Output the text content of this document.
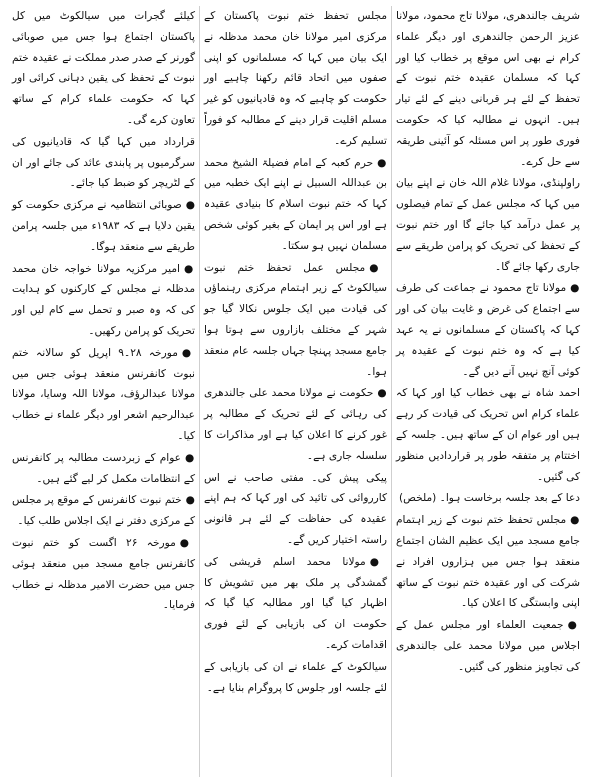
شریف جالندھری، مولانا تاج محمود، مولانا عزیز الرحمن جالندھری اور دیگر علماء کرام نے بھی اس موقع پر خطاب کیا اور کہا کہ مسلمان عقیدہ ختم نبوت کے تحفظ کے لئے ہر قربانی دینے کے لئے تیار ہیں۔ انہوں نے مطالبہ کیا کہ حکومت فوری طور پر اس مسئلہ کو آئینی طریقہ سے حل کرے۔

راولپنڈی، مولانا غلام اللہ خان نے اپنے بیان میں کہا کہ مجلس عمل کے تمام فیصلوں پر عمل درآمد کیا جائے گا اور ختم نبوت کے تحفظ کی تحریک کو پرامن طریقے سے جاری رکھا جائے گا۔

●مولانا تاج محمود نے جماعت کی طرف سے اجتماع کی غرض و غایت بیان کی اور کہا کہ پاکستان کے مسلمانوں نے یہ عہد کیا ہے کہ وہ ختم نبوت کے عقیدہ پر کوئی آنچ نہیں آنے دیں گے۔

احمد شاہ نے بھی خطاب کیا اور کہا کہ علماء کرام اس تحریک کی قیادت کر رہے ہیں اور عوام ان کے ساتھ ہیں۔ جلسہ کے اختتام پر متفقہ طور پر قراردادیں منظور کی گئیں۔

دعا کے بعد جلسہ برخاست ہوا۔ (ملخص)

●مجلس تحفظ ختم نبوت کے زیر اہتمام جامع مسجد میں ایک عظیم الشان اجتماع منعقد ہوا جس میں ہزاروں افراد نے شرکت کی اور عقیدہ ختم نبوت کے ساتھ اپنی وابستگی کا اعلان کیا۔

●جمعیت العلماء اور مجلس عمل کے اجلاس میں مولانا محمد علی جالندھری کی تجاویز منظور کی گئیں۔

مجلس تحفظ ختم نبوت پاکستان کے مرکزی امیر مولانا خان محمد مدظلہ نے ایک بیان میں کہا کہ مسلمانوں کو اپنی صفوں میں اتحاد قائم رکھنا چاہیے اور حکومت کو چاہیے کہ وہ قادیانیوں کو غیر مسلم اقلیت قرار دینے کے مطالبہ کو فوراً تسلیم کرے۔

●حرم کعبہ کے امام فضیلۃ الشیخ محمد بن عبداللہ السبیل نے اپنے ایک خطبہ میں کہا کہ ختم نبوت اسلام کا بنیادی عقیدہ ہے اور اس پر ایمان کے بغیر کوئی شخص مسلمان نہیں ہو سکتا۔

●مجلس عمل تحفظ ختم نبوت سیالکوٹ کے زیر اہتمام مرکزی رہنماؤں کی قیادت میں ایک جلوس نکالا گیا جو شہر کے مختلف بازاروں سے ہوتا ہوا جامع مسجد پہنچا جہاں جلسہ عام منعقد ہوا۔

●حکومت نے مولانا محمد علی جالندھری کی رہائی کے لئے تحریک کے مطالبہ پر غور کرنے کا اعلان کیا ہے اور مذاکرات کا سلسلہ جاری ہے۔

پیکی پیش کی۔ مفتی صاحب نے اس کارروائی کی تائید کی اور کہا کہ ہم اپنے عقیدہ کی حفاظت کے لئے ہر قانونی راستہ اختیار کریں گے۔

●مولانا محمد اسلم قریشی کی گمشدگی پر ملک بھر میں تشویش کا اظہار کیا گیا اور مطالبہ کیا گیا کہ حکومت ان کی بازیابی کے لئے فوری اقدامات کرے۔

سیالکوٹ کے علماء نے ان کی بازیابی کے لئے جلسہ اور جلوس کا پروگرام بنایا ہے۔

کیلئے گجرات میں سیالکوٹ میں کل پاکستان اجتماع ہوا جس میں صوبائی گورنر کے صدر صدر مملکت نے عقیدہ ختم نبوت کے تحفظ کی یقین دہانی کرائی اور کہا کہ حکومت علماء کرام کے ساتھ تعاون کرے گی۔

قرارداد میں کہا گیا کہ قادیانیوں کی سرگرمیوں پر پابندی عائد کی جائے اور ان کے لٹریچر کو ضبط کیا جائے۔

●صوبائی انتظامیہ نے مرکزی حکومت کو یقین دلایا ہے کہ ۱۹۸۳ء میں جلسہ پرامن طریقے سے منعقد ہوگا۔

●امیر مرکزیہ مولانا خواجہ خان محمد مدظلہ نے مجلس کے کارکنوں کو ہدایت کی کہ وہ صبر و تحمل سے کام لیں اور تحریک کو پرامن رکھیں۔

●مورخہ ۲۸۔۹ اپریل کو سالانہ ختم نبوت کانفرنس منعقد ہوئی جس میں مولانا عبدالرؤف، مولانا اللہ وسایا، مولانا عبدالرحیم اشعر اور دیگر علماء نے خطاب کیا۔

●عوام کے زبردست مطالبہ پر کانفرنس کے انتظامات مکمل کر لیے گئے ہیں۔

●ختم نبوت کانفرنس کے موقع پر مجلس کے مرکزی دفتر نے ایک اجلاس طلب کیا۔

●مورخہ ۲۶ اگست کو ختم نبوت کانفرنس جامع مسجد میں منعقد ہوئی جس میں حضرت الامیر مدظلہ نے خطاب فرمایا۔
